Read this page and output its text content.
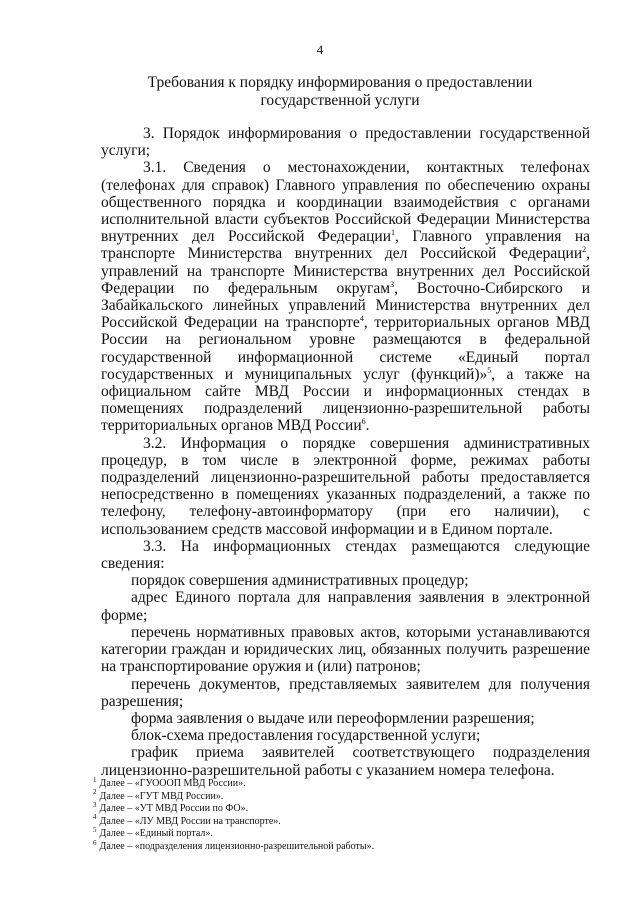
4
Требования к порядку информирования о предоставлении
государственной услуги

3. Порядок информирования о предоставлении государственной услуги;

3.1. Сведения о местонахождении, контактных телефонах (телефонах для справок) Главного управления по обеспечению охраны общественного порядка и координации взаимодействия с органами исполнительной власти субъектов Российской Федерации Министерства внутренних дел Российской Федерации$^1$, Главного управления на транспорте Министерства внутренних дел Российской Федерации$^2$, управлений на транспорте Министерства внутренних дел Российской Федерации по федеральным округам$^3$, Восточно-Сибирского и Забайкальского линейных управлений Министерства внутренних дел Российской Федерации на транспорте$^4$, территориальных органов МВД России на региональном уровне размещаются в федеральной государственной информационной системе «Единый портал государственных и муниципальных услуг (функций)»$^5$, а также на официальном сайте МВД России и информационных стендах в помещениях подразделений лицензионно-разрешительной работы территориальных органов МВД России$^6$.

3.2. Информация о порядке совершения административных процедур, в том числе в электронной форме, режимах работы подразделений лицензионно-разрешительной работы предоставляется непосредственно в помещениях указанных подразделений, а также по телефону, телефону-автоинформатору (при его наличии), с использованием средств массовой информации и в Едином портале.

3.3. На информационных стендах размещаются следующие сведения:

порядок совершения административных процедур;

адрес Единого портала для направления заявления в электронной форме;

перечень нормативных правовых актов, которыми устанавливаются категории граждан и юридических лиц, обязанных получить разрешение на транспортирование оружия и (или) патронов;

перечень документов, представляемых заявителем для получения разрешения;

форма заявления о выдаче или переоформлении разрешения;

блок-схема предоставления государственной услуги;

график приема заявителей соответствующего подразделения лицензионно-разрешительной работы с указанием номера телефона.

$^1$ Далее – «ГУОООП МВД России».
$^2$ Далее – «ГУТ МВД России».
$^3$ Далее – «УТ МВД России по ФО».
$^4$ Далее – «ЛУ МВД России на транспорте».
$^5$ Далее – «Единый портал».
$^6$ Далее – «подразделения лицензионно-разрешительной работы».
